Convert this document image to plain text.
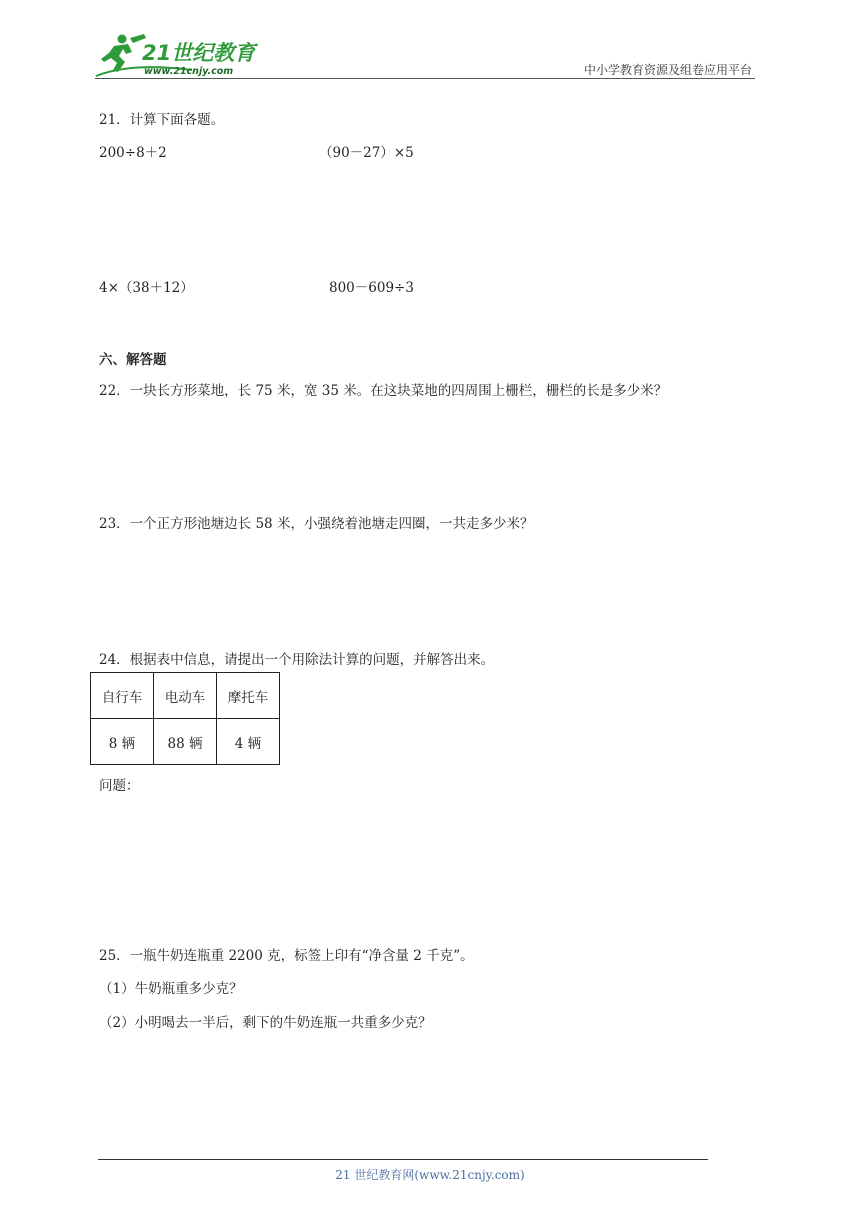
21世纪教育
www.21cnjy.com	中小学教育资源及组卷应用平台
21．计算下面各题。
200÷8＋2	（90－27）×5
4×（38＋12）	800－609÷3
六、解答题
22．一块长方形菜地，长 75 米，宽 35 米。在这块菜地的四周围上栅栏，栅栏的长是多少米？
23．一个正方形池塘边长 58 米，小强绕着池塘走四圈，一共走多少米？
24．根据表中信息，请提出一个用除法计算的问题，并解答出来。
自行车	电动车	摩托车
8 辆	88 辆	4 辆
问题：
25．一瓶牛奶连瓶重 2200 克，标签上印有“净含量 2 千克”。
（1）牛奶瓶重多少克？
（2）小明喝去一半后，剩下的牛奶连瓶一共重多少克？
21 世纪教育网(www.21cnjy.com)
